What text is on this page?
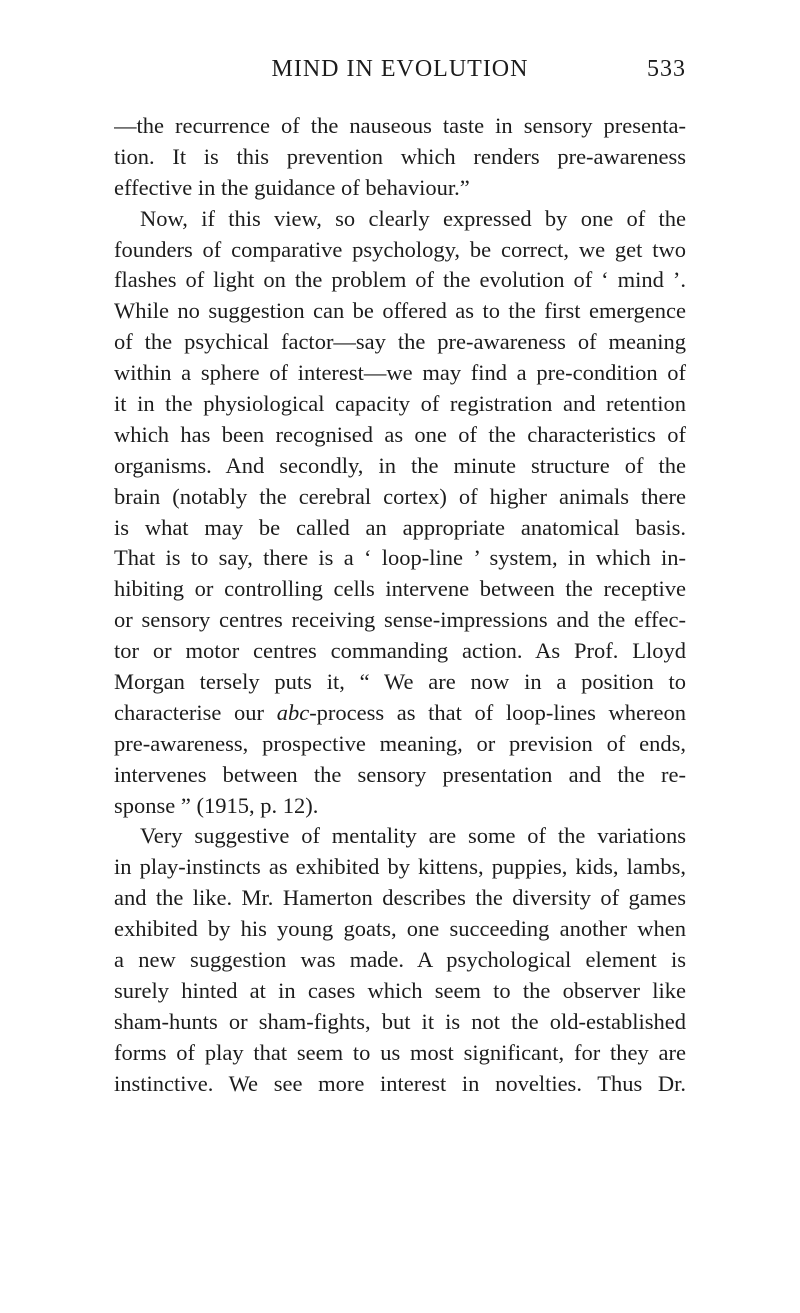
MIND IN EVOLUTION	533
—the recurrence of the nauseous taste in sensory presenta-
tion. It is this prevention which renders pre-awareness
effective in the guidance of behaviour.”
Now, if this view, so clearly expressed by one of the
founders of comparative psychology, be correct, we get two
flashes of light on the problem of the evolution of ‘ mind ’.
While no suggestion can be offered as to the first emergence
of the psychical factor—say the pre-awareness of meaning
within a sphere of interest—we may find a pre-condition of
it in the physiological capacity of registration and retention
which has been recognised as one of the characteristics of
organisms. And secondly, in the minute structure of the
brain (notably the cerebral cortex) of higher animals there
is what may be called an appropriate anatomical basis.
That is to say, there is a ‘ loop-line ’ system, in which in-
hibiting or controlling cells intervene between the receptive
or sensory centres receiving sense-impressions and the effec-
tor or motor centres commanding action. As Prof. Lloyd
Morgan tersely puts it, “ We are now in a position to
characterise our abc-process as that of loop-lines whereon
pre-awareness, prospective meaning, or prevision of ends,
intervenes between the sensory presentation and the re-
sponse ” (1915, p. 12).
Very suggestive of mentality are some of the variations
in play-instincts as exhibited by kittens, puppies, kids, lambs,
and the like. Mr. Hamerton describes the diversity of games
exhibited by his young goats, one succeeding another when
a new suggestion was made. A psychological element is
surely hinted at in cases which seem to the observer like
sham-hunts or sham-fights, but it is not the old-established
forms of play that seem to us most significant, for they are
instinctive. We see more interest in novelties. Thus Dr.
